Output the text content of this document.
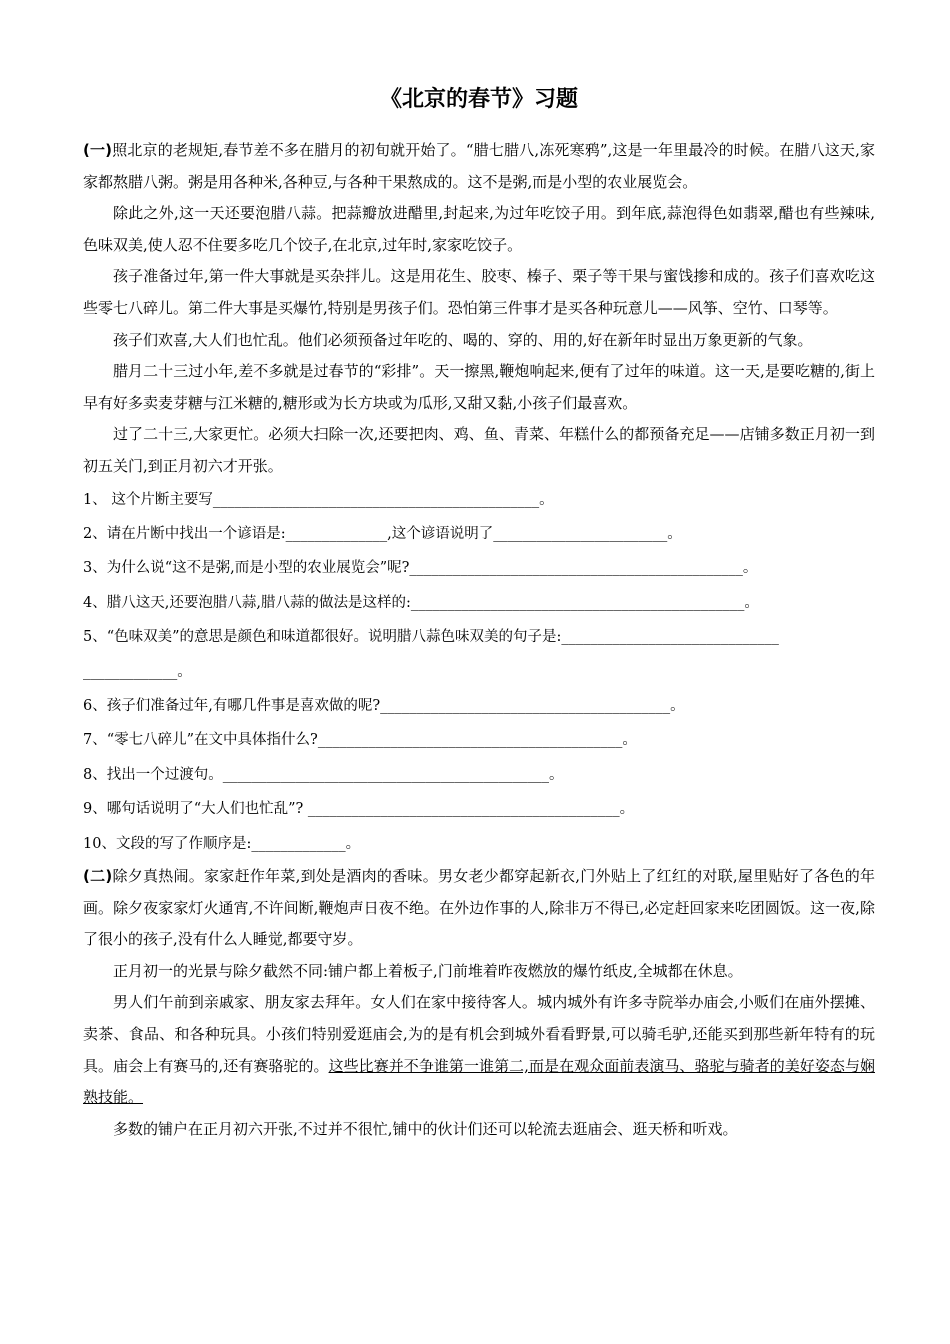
《北京的春节》习题

(一)照北京的老规矩,春节差不多在腊月的初旬就开始了。“腊七腊八,冻死寒鸦”,这是一年里最冷的时候。在腊八这天,家家都熬腊八粥。粥是用各种米,各种豆,与各种干果熬成的。这不是粥,而是小型的农业展览会。

除此之外,这一天还要泡腊八蒜。把蒜瓣放进醋里,封起来,为过年吃饺子用。到年底,蒜泡得色如翡翠,醋也有些辣味,色味双美,使人忍不住要多吃几个饺子,在北京,过年时,家家吃饺子。

孩子准备过年,第一件大事就是买杂拌儿。这是用花生、胶枣、榛子、栗子等干果与蜜饯掺和成的。孩子们喜欢吃这些零七八碎儿。第二件大事是买爆竹,特别是男孩子们。恐怕第三件事才是买各种玩意儿——风筝、空竹、口琴等。

孩子们欢喜,大人们也忙乱。他们必须预备过年吃的、喝的、穿的、用的,好在新年时显出万象更新的气象。

腊月二十三过小年,差不多就是过春节的“彩排”。天一擦黑,鞭炮响起来,便有了过年的味道。这一天,是要吃糖的,街上早有好多卖麦芽糖与江米糖的,糖形或为长方块或为瓜形,又甜又黏,小孩子们最喜欢。

过了二十三,大家更忙。必须大扫除一次,还要把肉、鸡、鱼、青菜、年糕什么的都预备充足——店铺多数正月初一到初五关门,到正月初六才开张。

1、 这个片断主要写_____________________________________________。
2、请在片断中找出一个谚语是:______________,这个谚语说明了________________________。
3、为什么说“这不是粥,而是小型的农业展览会”呢?______________________________________________。
4、腊八这天,还要泡腊八蒜,腊八蒜的做法是这样的:______________________________________________。
5、“色味双美”的意思是颜色和味道都很好。说明腊八蒜色味双美的句子是:______________________________ _____________。
6、孩子们准备过年,有哪几件事是喜欢做的呢?________________________________________。
7、“零七八碎儿”在文中具体指什么?__________________________________________。
8、找出一个过渡句。_____________________________________________。
9、哪句话说明了“大人们也忙乱”? ___________________________________________。
10、文段的写了作顺序是:_____________。

(二)除夕真热闹。家家赶作年菜,到处是酒肉的香味。男女老少都穿起新衣,门外贴上了红红的对联,屋里贴好了各色的年画。除夕夜家家灯火通宵,不许间断,鞭炮声日夜不绝。在外边作事的人,除非万不得已,必定赶回家来吃团圆饭。这一夜,除了很小的孩子,没有什么人睡觉,都要守岁。

正月初一的光景与除夕截然不同:铺户都上着板子,门前堆着昨夜燃放的爆竹纸皮,全城都在休息。

男人们午前到亲戚家、朋友家去拜年。女人们在家中接待客人。城内城外有许多寺院举办庙会,小贩们在庙外摆摊、卖茶、食品、和各种玩具。小孩们特别爱逛庙会,为的是有机会到城外看看野景,可以骑毛驴,还能买到那些新年特有的玩具。庙会上有赛马的,还有赛骆驼的。这些比赛并不争谁第一谁第二,而是在观众面前表演马、骆驼与骑者的美好姿态与娴熟技能。

多数的铺户在正月初六开张,不过并不很忙,铺中的伙计们还可以轮流去逛庙会、逛天桥和听戏。
